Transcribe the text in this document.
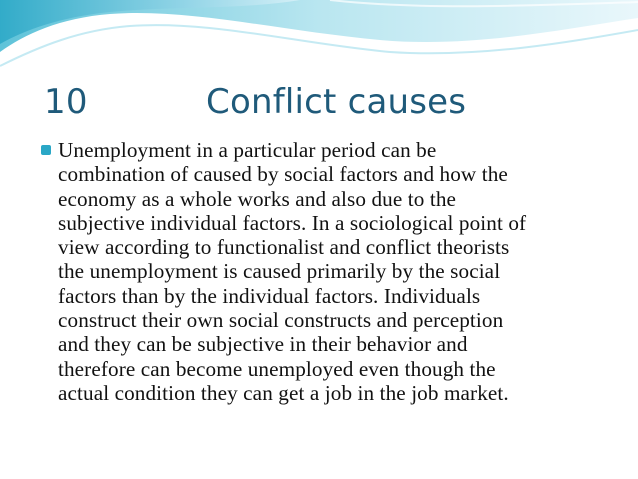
10	Conflict causes
Unemployment in a particular period can be
combination of caused by social factors and how the
economy as a whole works and also due to the
subjective individual factors. In a sociological point of
view according to functionalist and conflict theorists
the unemployment is caused primarily by the social
factors than by the individual factors. Individuals
construct their own social constructs and perception
and they can be subjective in their behavior and
therefore can become unemployed even though the
actual condition they can get a job in the job market.
